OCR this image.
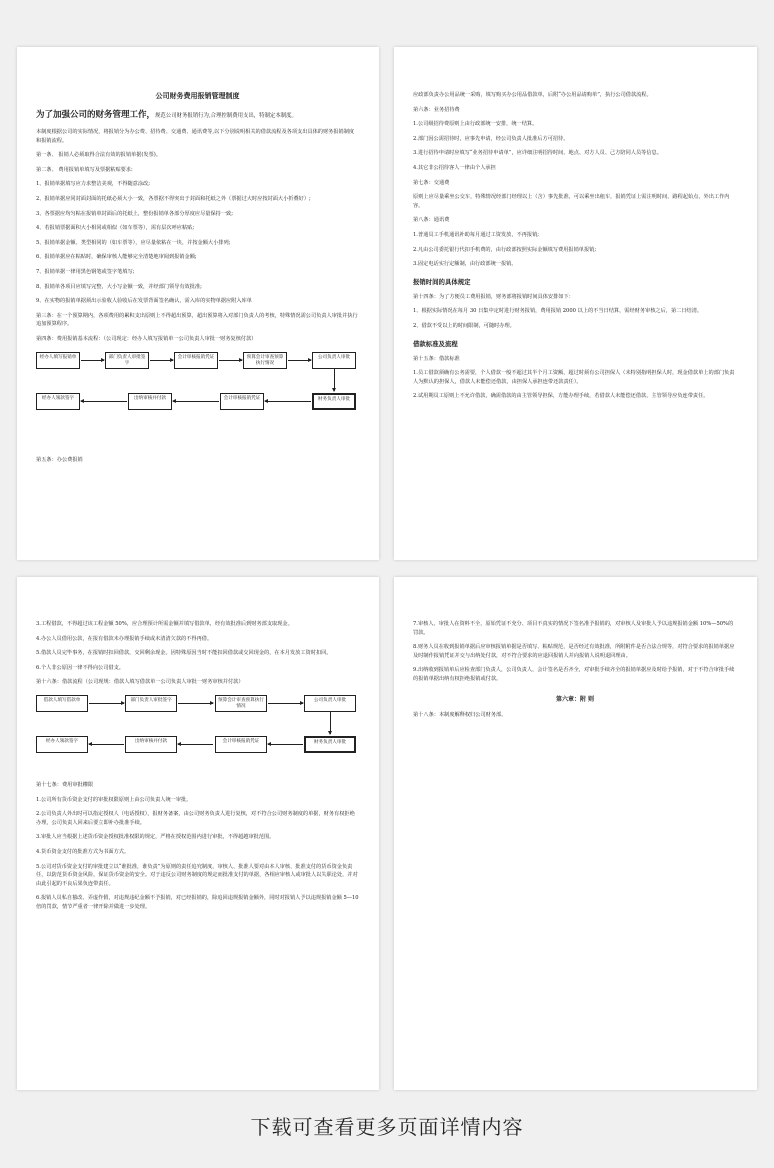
公司财务费用报销管理制度
为了加强公司的财务管理工作，规范公司财务报销行为,合理控制费用支出，特制定本制度。

本制度根据公司的实际情况，将报销分为办公费、招待费、交通费、通讯费等,以下分别说明相关的借款流程及各项支出具体的财务报销制度和报销流程。

第一条、 报销人必须取得合法有效的报销单据(发票)。

第二条、 费用报销单填写及票据粘贴要求:

1、报销单据填写应力求整洁美观，不得随意涂改;

2、报销单据应同封面封面的托纸必须大小一致，各票据不得突出于封面和托纸之外（票据过大时应按封面大小折叠好）;

3、各票据应均匀粘在报销单封面后的托纸上，整份报销单各部分厚度应尽量保持一致;

4、若报销票据面积大小相同或相似（如车票等），需有层次呼应粘贴;

5、报销单据金额、类型相同的（如车票等），应尽量依粘在一块，并按金额大小排列;

6、报销单据应在粘贴时，确保审核人能够完全清楚地审阅到报销金额;

7、报销单据一律用黑色钢笔或签字笔填写;

8、报销单各项目应填写完整，大小写金额一致，并经部门领导有效批准;

9、在实物的报销单据须出示验收人验收后在发票背面签名确认，需入库的实物单据应附入库单

第三条：在一个预算期内，各项费用的累积支出原则上不得超出预算，超出预算将入对部门负责人的考核，特殊情况需公司负责人审批并执行追加预算程序。

第四条：费用报销基本流程：（公司现定：经办人填写报销单一公司负责人审批一财务复核付款）

经办人填写报销单	部门负责人审批签字
会计审核报销凭证	预算会计审查预算执行情况
公司负责人审批
经办人领款签字	出纳审核并付款	会计审核报销凭证	财务负责人审批

第五条：办公费报销

应政部负责办公用品统一采购，填写购买办公用品借款单，后附“办公用品请购单”，执行公司借款流程。

第六条：业务招待费

1.公司级招待费原则上由行政部统一安排，统一结算。

2.部门因公需招待时，应事先申请，经公司负责人批准后方可招待。

3.进行招待申请时应填写“业务招待申请单”，应详细注明招待时间、地点、对方人员、己方陪同人员等信息。

4.其它非公招待客人一律由个人承担

第七条：交通费

原则上应尽量乘坐公交车，特殊情况经部门经理以上（含）事先批准，可以乘坐出租车，报销凭证上需注明时间、路程起始点，外出工作内容。

第八条：通讯费

1.普通员工手机通讯补助每月通过工资发放，不再报销;

2.凡由公司委托银行代扣手机费的，由行政部按照实际金额填写费用报销单报销;

3.固定电话实行定额制，由行政部统一报销。

报销时间的具体规定

第十四条：为了方便员工费用报销，财务部将报销时间具体安排如下：

1、根据实际情况在每月 30 日集中定时进行财务报销，费用报销 2000 以上的不当日结算，需经财务审核之后，第二日结清。

2、借款不受以上的时间限制，可随时办理。

借款标准及流程

第十五条：借款标准

1.员工借款须确有公务需要，个人借款一般不超过其半个月工资额，超过时须有公司担保人（未特别指明担保人时，现金借款单上的部门负责人为默认的担保人，借款人未能偿还借款，由担保人承担连带还款责任）。

2.试用期员工原则上不允许借款，确需借款的由主管领导担保，方能办理手续，若借款人未能偿还借款，主管领导应负连带责任。

3.工程借款，不得超过该工程金额 50%，应合理预计所需金额并填写借款单，经有效批准后到财务部支取现金。

4.办公人员借用公款，在报有借款未办理报销手续或未清清欠款的不得再借。

5.借款人员完毕事务，在报销时扣回借款，交回剩余现金。因特殊原因当时不能扣回借款或交回现金的，在本月发放工资时扣回。

6.个人非公原因一律不得向公司借支。

第十六条：借款流程（公司现规：借款人填写借款单一公司负责人审批一财务审核并付款）

借款人填写借款单	部门负责人审批签字	预算会计审查预算执行情况
公司负责人审批
经办人领款签字	出纳审核并付款	会计审核报销凭证	财务负责人审批

第十七条：费用审批權限

1.公司所有货币资金支付的审批权限原则上由公司负责人统一审批。

2.公司负责人外出时可以指定授权人（电话授权），报财务备案，由公司财务负责人进行复核，对不符合公司财务制度的单据，财务有权拒绝办理，公司负责人回来后要立即补办批准手续。

3.审批人应当根据上述货币资金授权批准权限的规定，严格在授权范围内进行审批，不得超越审批范围。

4.货币资金支付的批准方式为书面方式。

5.公司对货币资金支付的审批建立以“谁批准，谁负责”为原则的责任追究制度，审核人、批准人要对由本人审核、批准支付的货币资金负责任，以防范货币资金风险，保证货币资金的安全。对于违反公司财务制度的规定而批准支付的单据，各相应审核人或审批人以失职论处，并对由此引起的不良后果负连带责任。

6.报销人员私自篡改、弄虚作假，对违规违纪金额不予报销，对已经报销的，除追回违规报销金额外，同时对报销人予以违规报销金额 5—10 倍的罚款，情节严重者一律开除并做进一步处理。

7.审核人、审批人在资料不全，原始凭证不充分、项目不真实的情况下签名准予报销的，对审核人及审批人予以违规报销金额 10%—50%的罚款。

8.财务人员在收到报销单据后应审核报销单据是否填写、粘贴规范，是否经过有效批准，所附附件是否合法合规等，对符合要求的报销单据应及时制作报销凭证并交与出纳处付款，对不符合要求的应退回报销人并向报销人说明退回理由。

9.出纳收到报销单后应检查部门负责人，公司负责人，会计签名是否齐全，对审批手续齐全的报销单据应及时给予报销，对于不符合审批手续的报销单据出纳有权拒绝报销或付款。

第六章：附 则

第十八条：本制度解释权归公司财务部。

下载可查看更多页面详情内容
